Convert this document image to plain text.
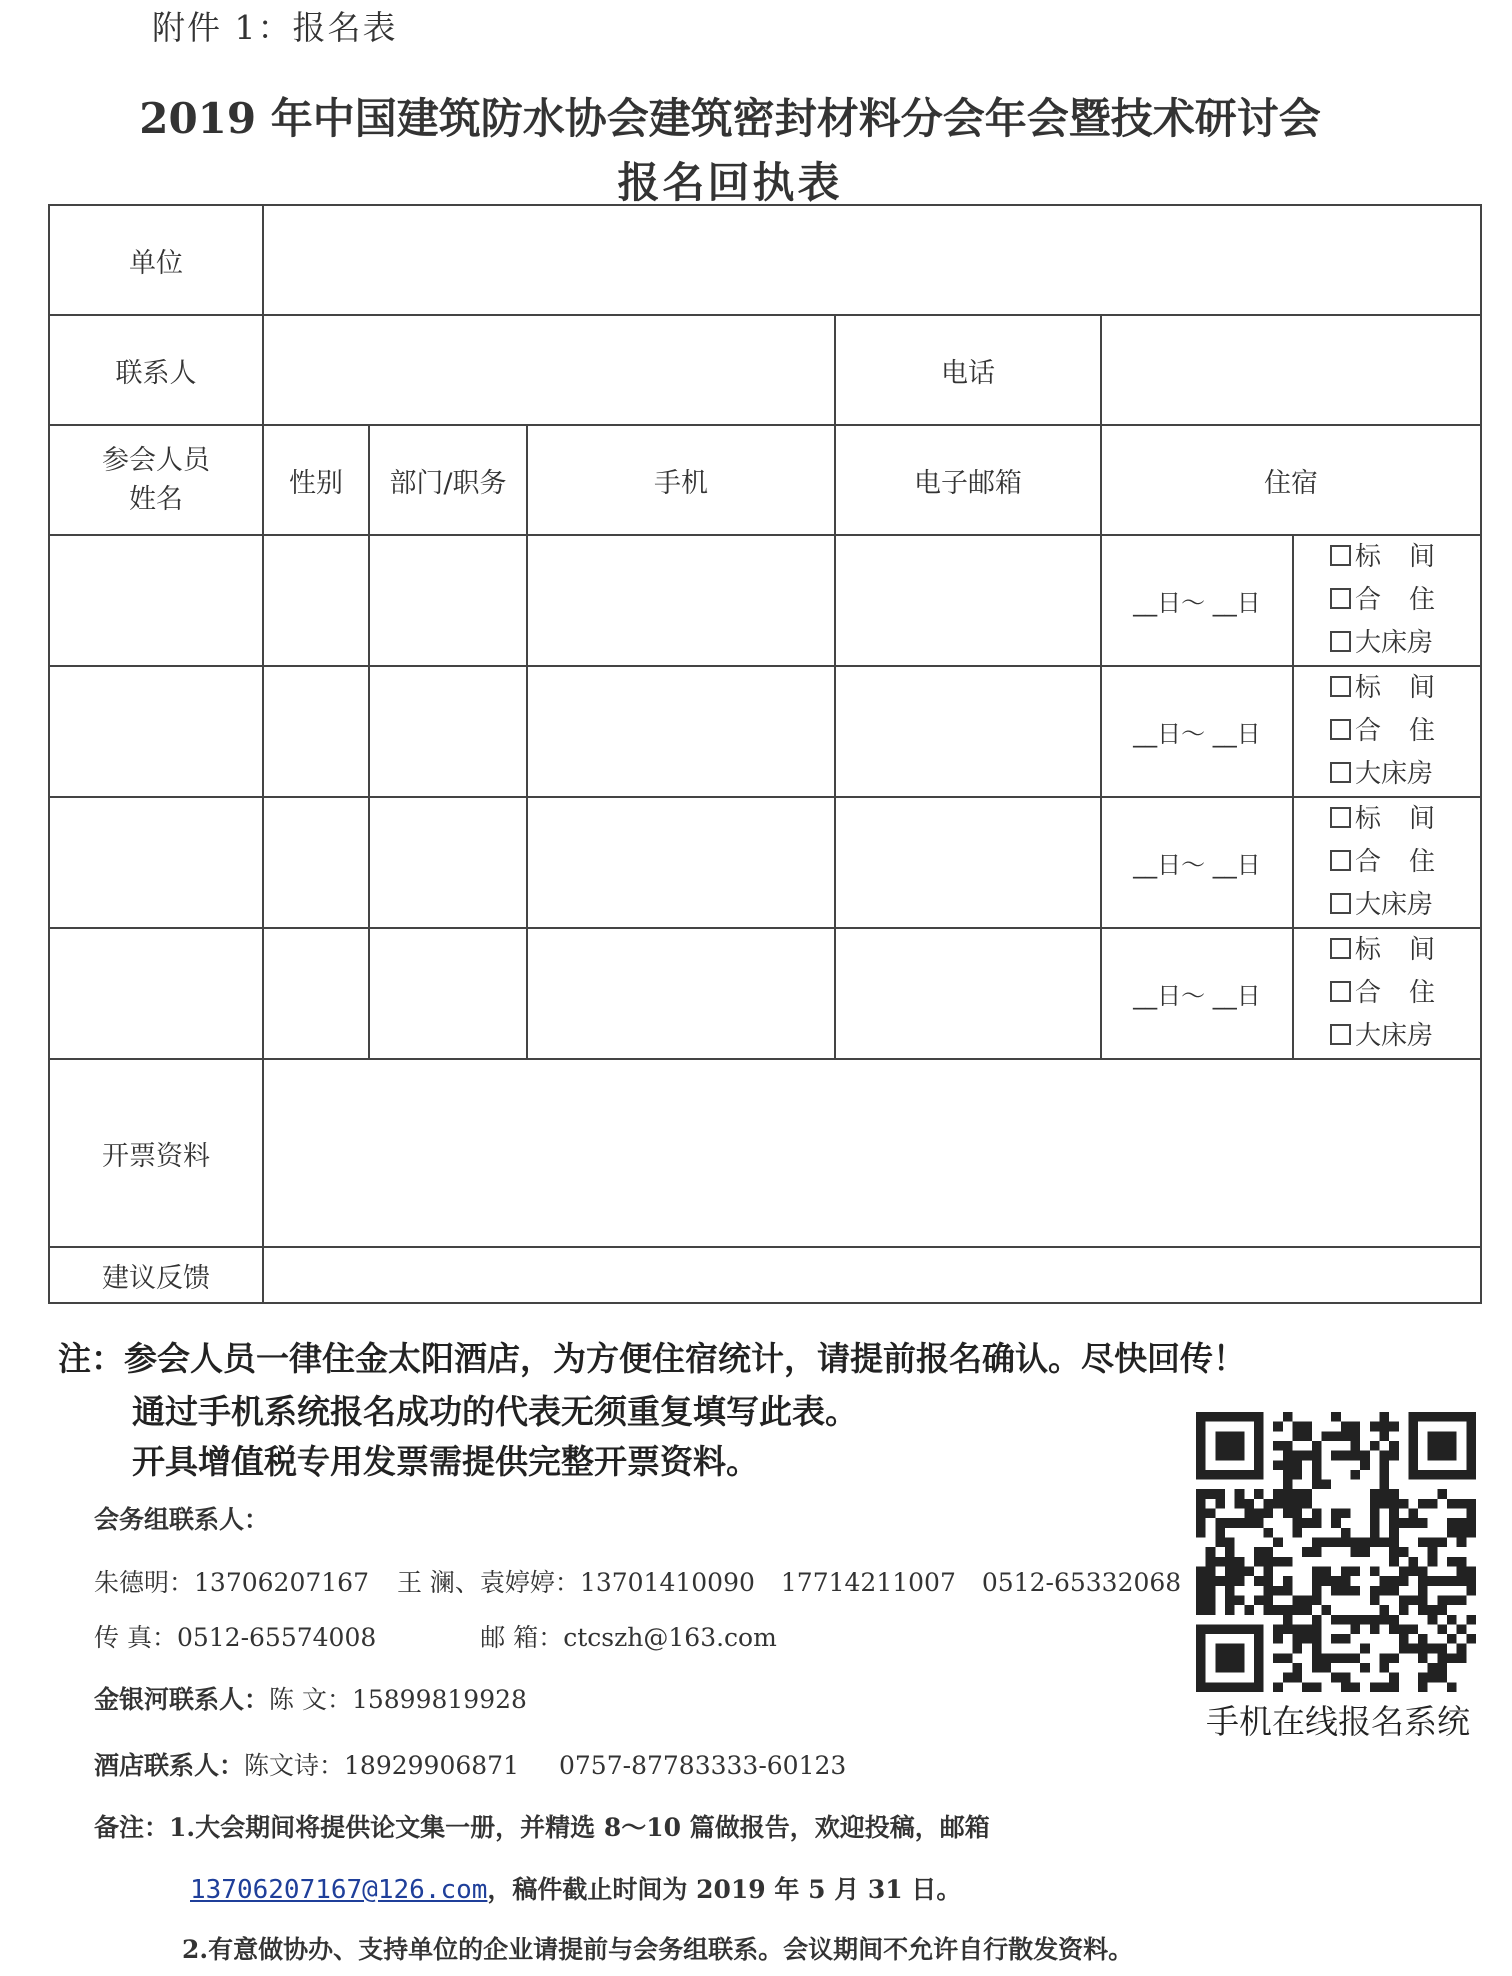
附件 1：报名表
2019 年中国建筑防水协会建筑密封材料分会年会暨技术研讨会
报名回执表
单位						
联系人				电话		

参会人员
姓名	性别	部门/职务	手机	电子邮箱	住宿	
					__日～ __日	标 间
合 住
大床房

					__日～ __日	标 间
合 住
大床房

					__日～ __日	标 间
合 住
大床房

					__日～ __日	标 间
合 住
大床房

开票资料						
建议反馈						
注：参会人员一律住金太阳酒店，为方便住宿统计，请提前报名确认。尽快回传！
通过手机系统报名成功的代表无须重复填写此表。
开具增值税专用发票需提供完整开票资料。
会务组联系人：
朱德明：13706207167 王 澜、袁婷婷：13701410090 17714211007 0512-65332068
传 真：0512-65574008	邮 箱：ctcszh@163.com
金银河联系人：陈 文：15899819928
酒店联系人：陈文诗：18929906871 0757-87783333-60123
备注：1.大会期间将提供论文集一册，并精选 8～10 篇做报告，欢迎投稿，邮箱
13706207167@126.com，稿件截止时间为 2019 年 5 月 31 日。
2.有意做协办、支持单位的企业请提前与会务组联系。会议期间不允许自行散发资料。
手机在线报名系统
